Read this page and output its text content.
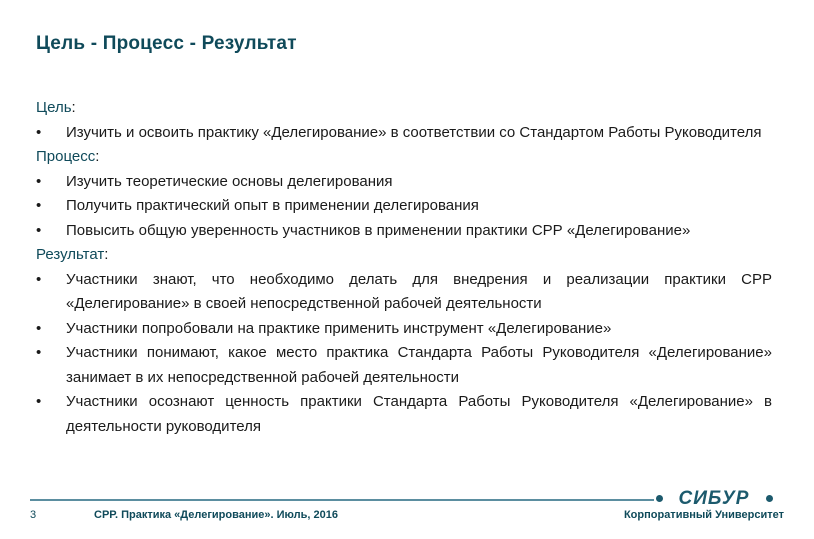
Цель - Процесс - Результат
Цель:
•	Изучить и освоить практику «Делегирование» в соответствии со Стандартом Работы Руководителя
Процесс:
•	Изучить теоретические основы делегирования
•	Получить практический опыт в применении делегирования
•	Повысить общую уверенность участников в применении практики СРР «Делегирование»
Результат:
•	Участники знают, что необходимо делать для внедрения и реализации практики СРР «Делегирование» в своей непосредственной рабочей деятельности
•	Участники попробовали на практике применить инструмент «Делегирование»
•	Участники понимают, какое место практика Стандарта Работы Руководителя «Делегирование» занимает в их непосредственной рабочей деятельности
•	Участники осознают ценность практики Стандарта Работы Руководителя «Делегирование» в деятельности руководителя
СИБУР
3	СРР. Практика «Делегирование». Июль, 2016	Корпоративный Университет
